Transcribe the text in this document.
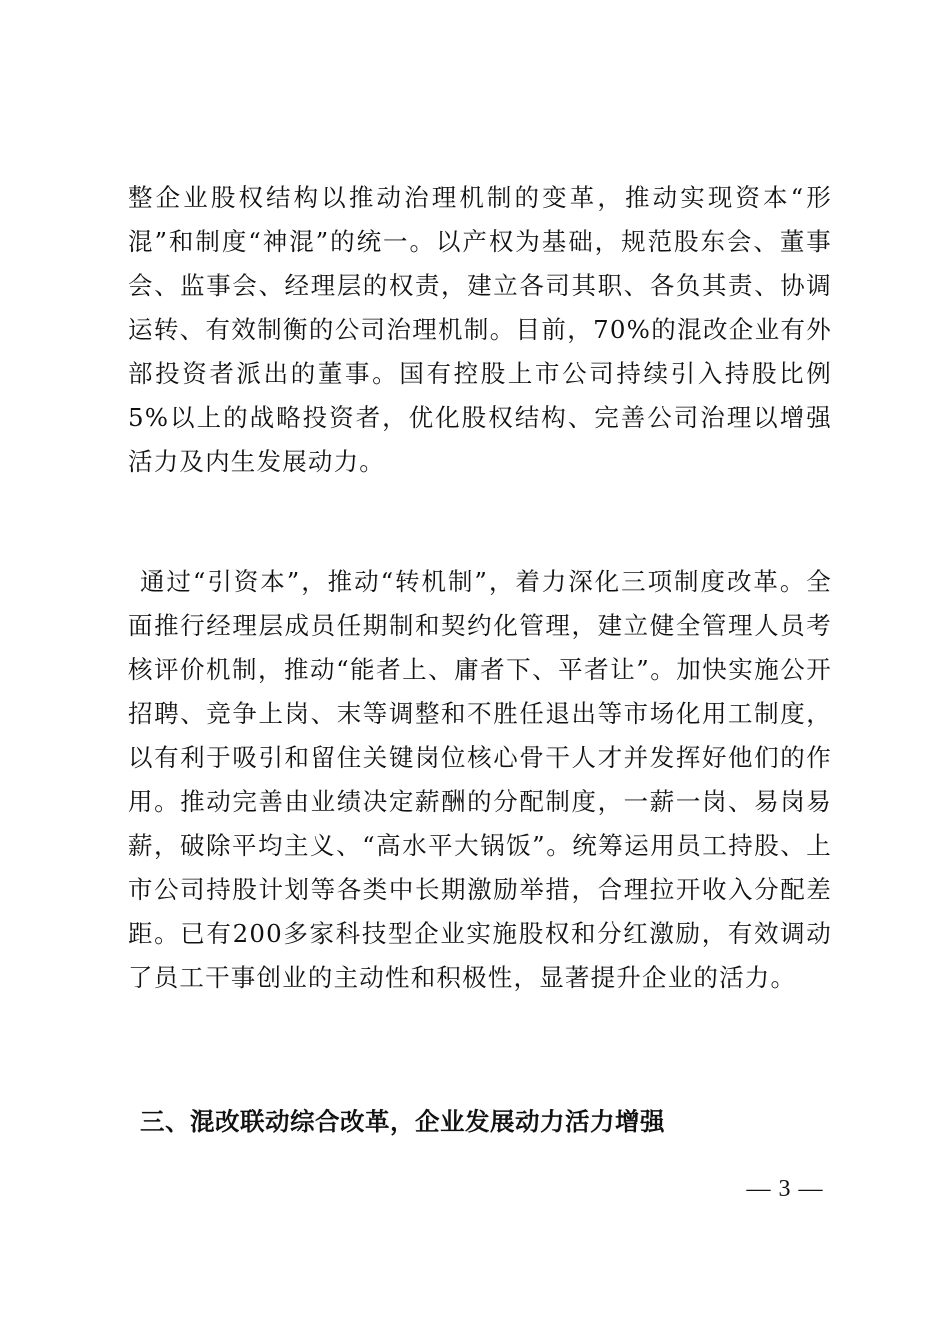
整企业股权结构以推动治理机制的变革，推动实现资本“形混”和制度“神混”的统一。以产权为基础，规范股东会、董事会、监事会、经理层的权责，建立各司其职、各负其责、协调运转、有效制衡的公司治理机制。目前，70%的混改企业有外部投资者派出的董事。国有控股上市公司持续引入持股比例5%以上的战略投资者，优化股权结构、完善公司治理以增强活力及内生发展动力。

通过“引资本”，推动“转机制”，着力深化三项制度改革。全面推行经理层成员任期制和契约化管理，建立健全管理人员考核评价机制，推动“能者上、庸者下、平者让”。加快实施公开招聘、竞争上岗、末等调整和不胜任退出等市场化用工制度，以有利于吸引和留住关键岗位核心骨干人才并发挥好他们的作用。推动完善由业绩决定薪酬的分配制度，一薪一岗、易岗易薪，破除平均主义、“高水平大锅饭”。统筹运用员工持股、上市公司持股计划等各类中长期激励举措，合理拉开收入分配差距。已有200多家科技型企业实施股权和分红激励，有效调动了员工干事创业的主动性和积极性，显著提升企业的活力。

三、混改联动综合改革，企业发展动力活力增强
— 3 —
